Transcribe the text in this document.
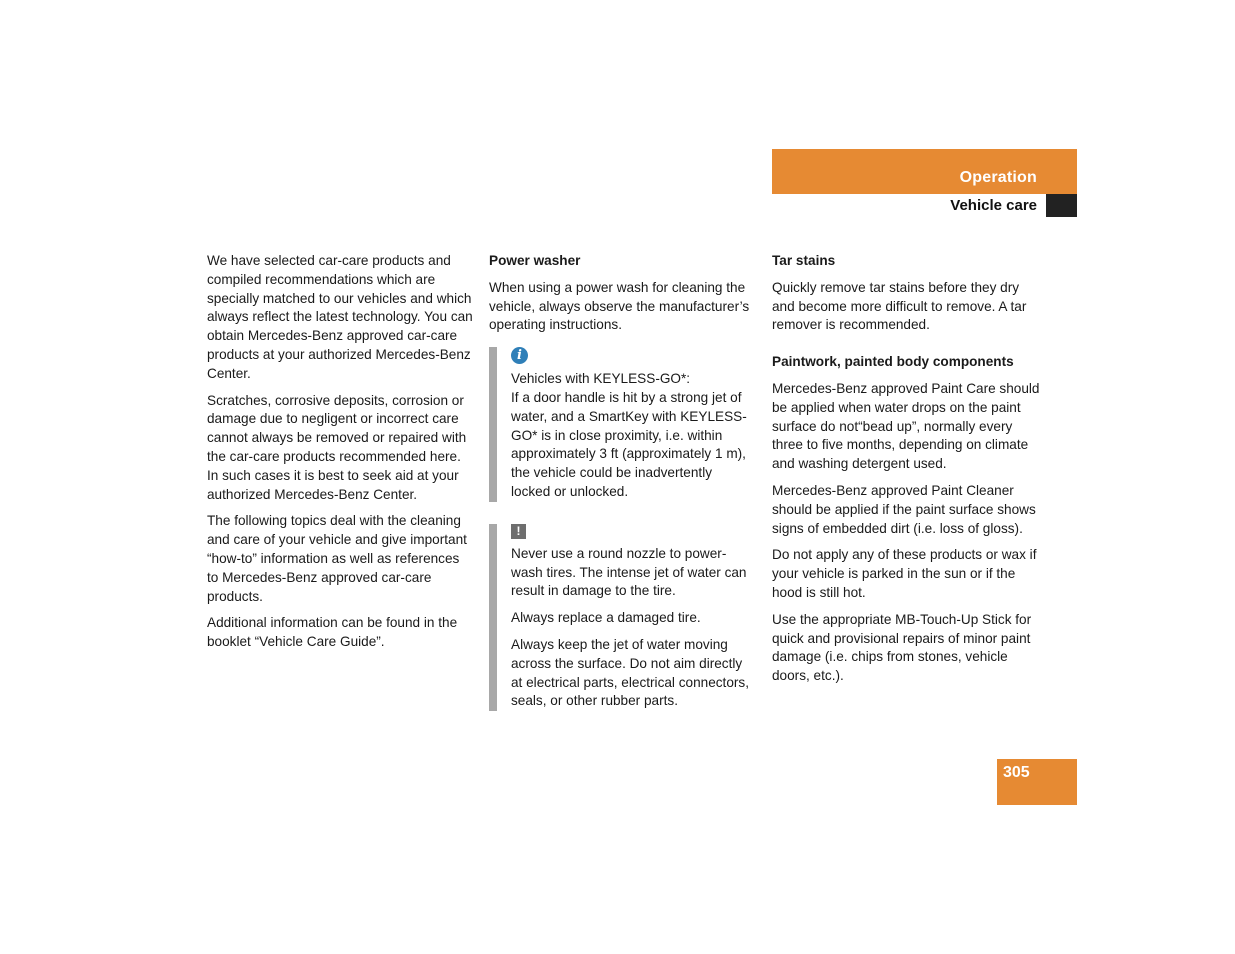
Operation
Vehicle care

We have selected car-care products and compiled recommendations which are specially matched to our vehicles and which always reflect the latest technology. You can obtain Mercedes-Benz approved car-care products at your authorized Mercedes-Benz Center.

Scratches, corrosive deposits, corrosion or damage due to negligent or incorrect care cannot always be removed or repaired with the car-care products recommended here. In such cases it is best to seek aid at your authorized Mercedes-Benz Center.

The following topics deal with the cleaning and care of your vehicle and give important “how-to” information as well as references to Mercedes-Benz approved car-care products.

Additional information can be found in the booklet “Vehicle Care Guide”.

Power washer

When using a power wash for cleaning the vehicle, always observe the manufacturer’s operating instructions.

i

Vehicles with KEYLESS-GO*:

If a door handle is hit by a strong jet of water, and a SmartKey with KEYLESS-GO* is in close proximity, i.e. within approximately 3 ft (approximately 1 m), the vehicle could be inadvertently locked or unlocked.

!

Never use a round nozzle to power-wash tires. The intense jet of water can result in damage to the tire.

Always replace a damaged tire.

Always keep the jet of water moving across the surface. Do not aim directly at electrical parts, electrical connectors, seals, or other rubber parts.

Tar stains

Quickly remove tar stains before they dry and become more difficult to remove. A tar remover is recommended.

Paintwork, painted body components

Mercedes-Benz approved Paint Care should be applied when water drops on the paint surface do not“bead up”, normally every three to five months, depending on climate and washing detergent used.

Mercedes-Benz approved Paint Cleaner should be applied if the paint surface shows signs of embedded dirt (i.e. loss of gloss).

Do not apply any of these products or wax if your vehicle is parked in the sun or if the hood is still hot.

Use the appropriate MB-Touch-Up Stick for quick and provisional repairs of minor paint damage (i.e. chips from stones, vehicle doors, etc.).

305
